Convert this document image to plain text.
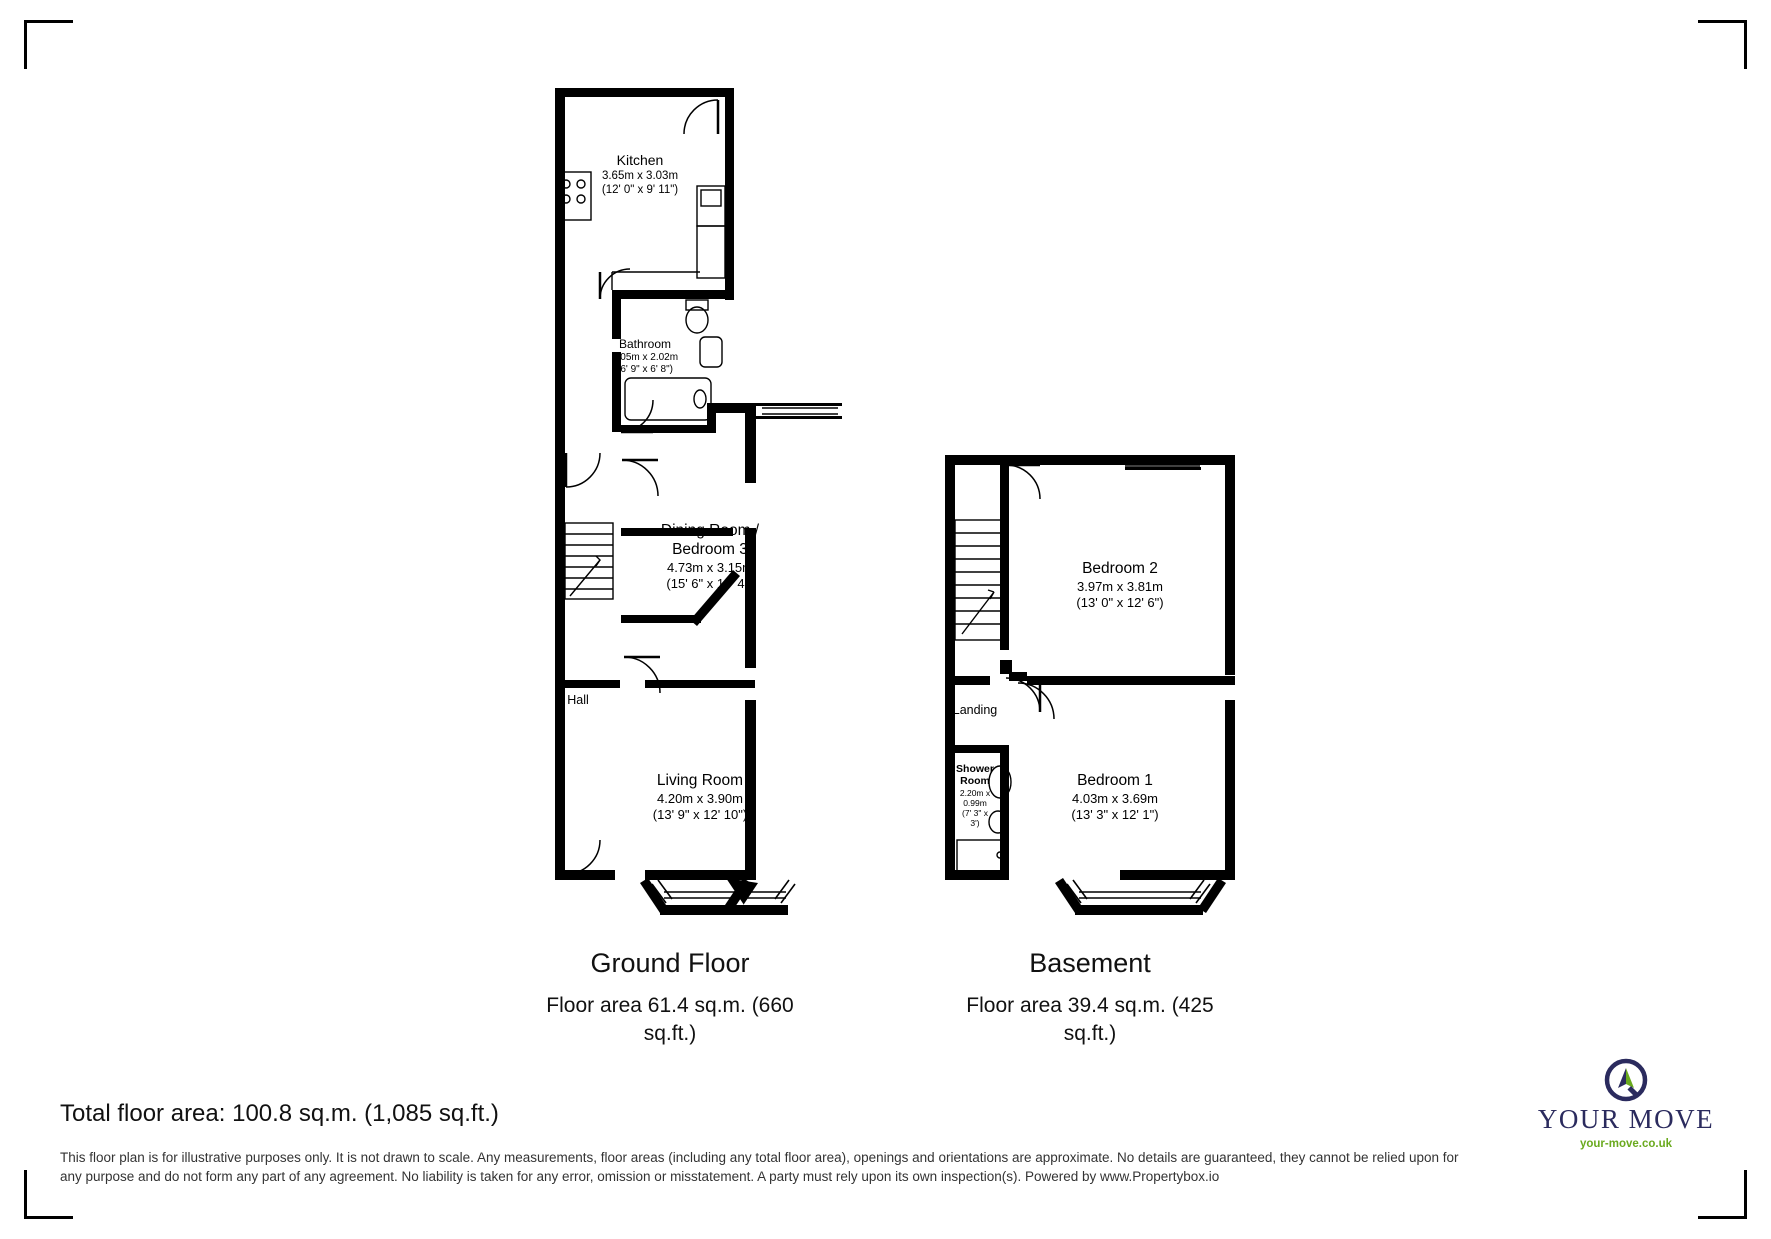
Kitchen
3.65m x 3.03m
(12' 0" x 9' 11")
Bathroom
2.05m x 2.02m
(6' 9" x 6' 8")
Dining Room /
Bedroom 3
4.73m x 3.15m
(15' 6" x 10' 4")
Hall
Living Room
4.20m x 3.90m
(13' 9" x 12' 10")
Bedroom 2
3.97m x 3.81m
(13' 0" x 12' 6")
Landing
Shower
Room
2.20m x
0.99m
(7' 3" x
3')
Bedroom 1
4.03m x 3.69m
(13' 3" x 12' 1")
Ground Floor
Floor area 61.4 sq.m. (660
sq.ft.)
Basement
Floor area 39.4 sq.m. (425
sq.ft.)
Total floor area: 100.8 sq.m. (1,085 sq.ft.)
This floor plan is for illustrative purposes only. It is not drawn to scale. Any measurements, floor areas (including any total floor area), openings and orientations are approximate. No details are guaranteed, they cannot be relied upon for any purpose and do not form any part of any agreement. No liability is taken for any error, omission or misstatement. A party must rely upon its own inspection(s). Powered by www.Propertybox.io
YOUR MOVE
your-move.co.uk
